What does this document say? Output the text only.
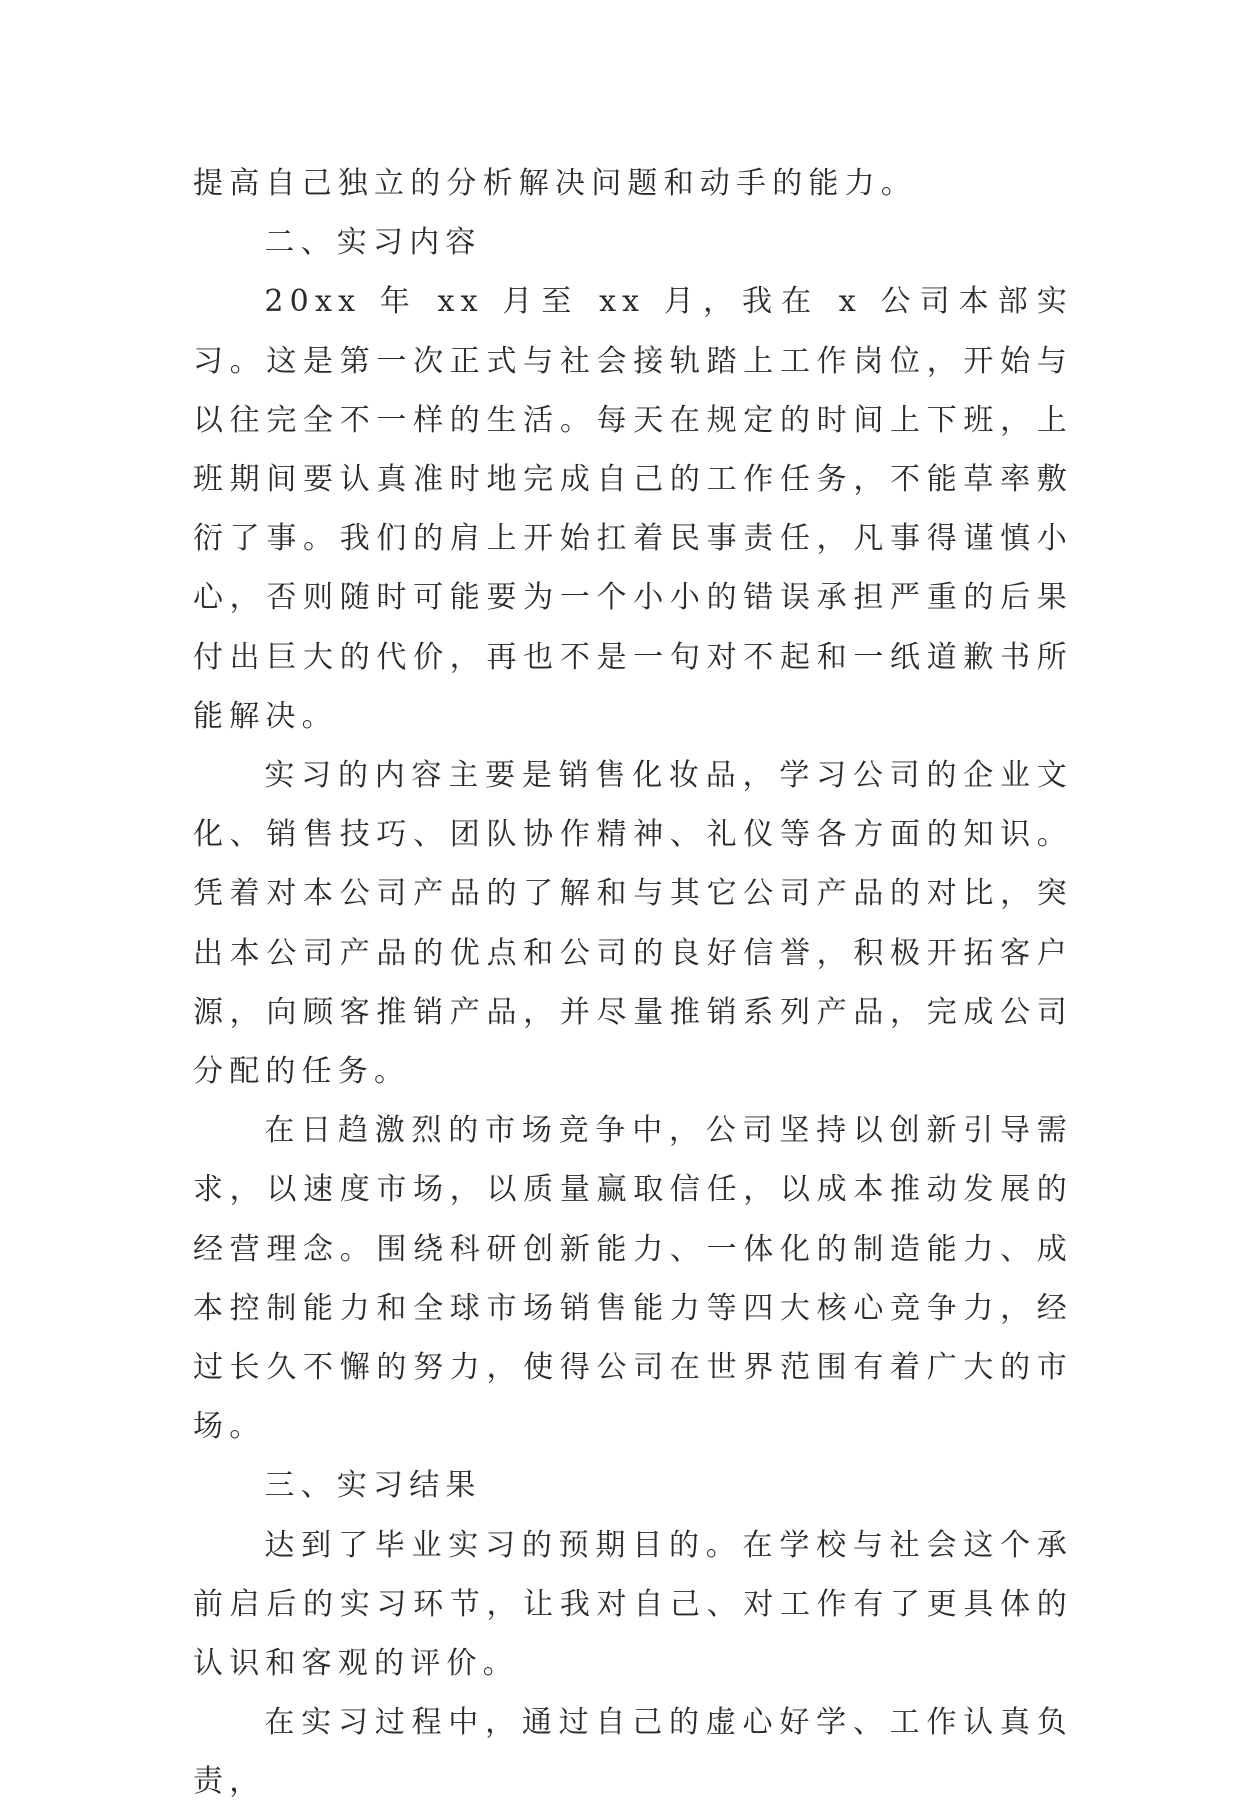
提高自己独立的分析解决问题和动手的能力。

二、实习内容

20xx 年 xx 月至 xx 月，我在 x 公司本部实习。这是第一次正式与社会接轨踏上工作岗位，开始与以往完全不一样的生活。每天在规定的时间上下班，上班期间要认真准时地完成自己的工作任务，不能草率敷衍了事。我们的肩上开始扛着民事责任，凡事得谨慎小心，否则随时可能要为一个小小的错误承担严重的后果付出巨大的代价，再也不是一句对不起和一纸道歉书所能解决。

实习的内容主要是销售化妆品，学习公司的企业文化、销售技巧、团队协作精神、礼仪等各方面的知识。凭着对本公司产品的了解和与其它公司产品的对比，突出本公司产品的优点和公司的良好信誉，积极开拓客户源，向顾客推销产品，并尽量推销系列产品，完成公司分配的任务。

在日趋激烈的市场竞争中，公司坚持以创新引导需求，以速度市场，以质量赢取信任，以成本推动发展的经营理念。围绕科研创新能力、一体化的制造能力、成本控制能力和全球市场销售能力等四大核心竞争力，经过长久不懈的努力，使得公司在世界范围有着广大的市场。

三、实习结果

达到了毕业实习的预期目的。在学校与社会这个承前启后的实习环节，让我对自己、对工作有了更具体的认识和客观的评价。

在实习过程中，通过自己的虚心好学、工作认真负责，
